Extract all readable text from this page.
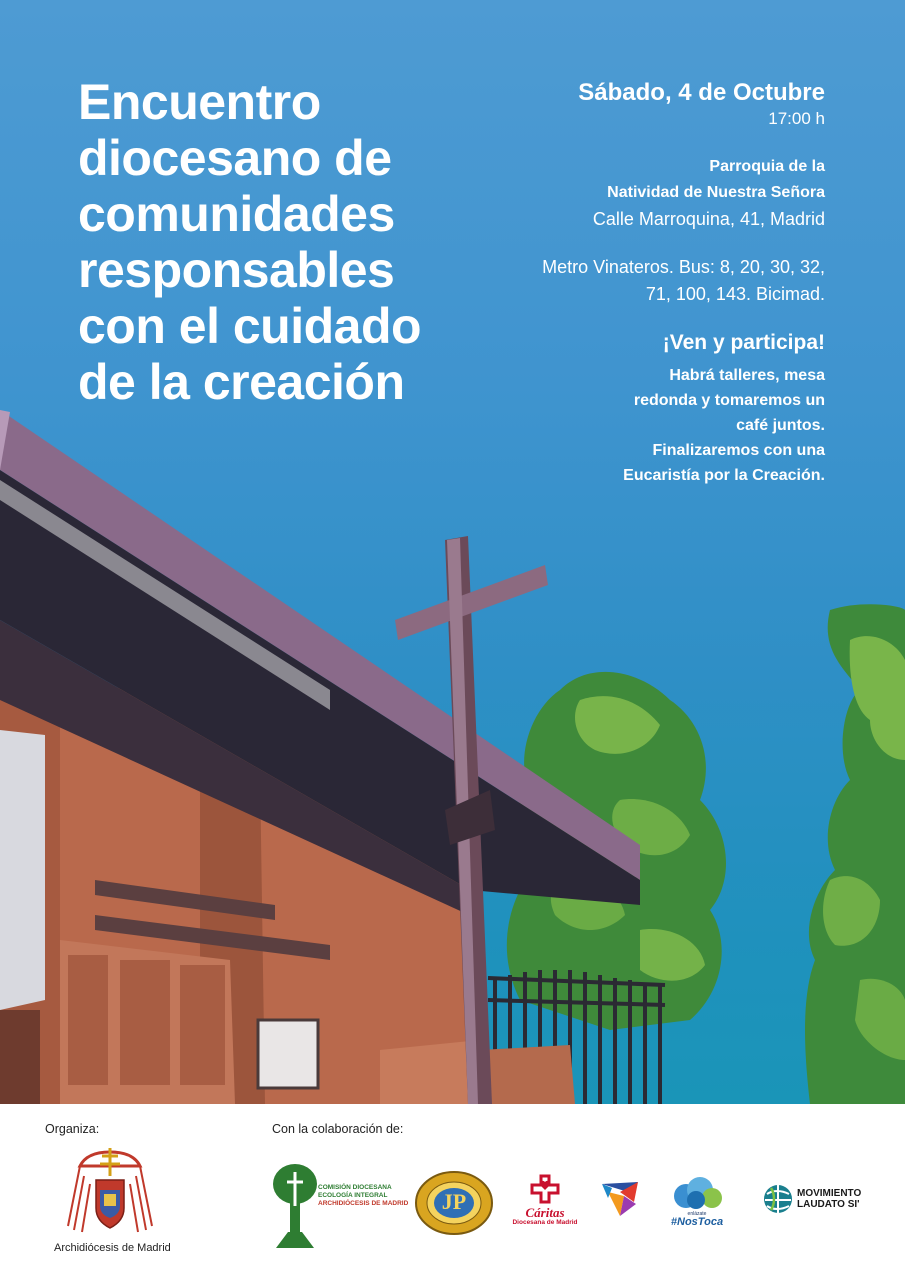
Encuentro
diocesano de
comunidades
responsables
con el cuidado
de la creación
Sábado, 4 de Octubre
17:00 h
Parroquia de la
Natividad de Nuestra Señora
Calle Marroquina, 41, Madrid
Metro Vinateros. Bus: 8, 20, 30, 32,
71, 100, 143. Bicimad.
¡Ven y participa!
Habrá talleres, mesa
redonda y tomaremos un
café juntos.
Finalizaremos con una
Eucaristía por la Creación.
Organiza:	Con la colaboración de:
Archidiócesis de Madrid
COMISIÓN DIOCESANA
ECOLOGÍA INTEGRAL
ARCHIDIÓCESIS DE MADRID	JP	Cáritas
Diocesana de Madrid
enlázate
#NosToca
MOVIMIENTO
LAUDATO SI'
